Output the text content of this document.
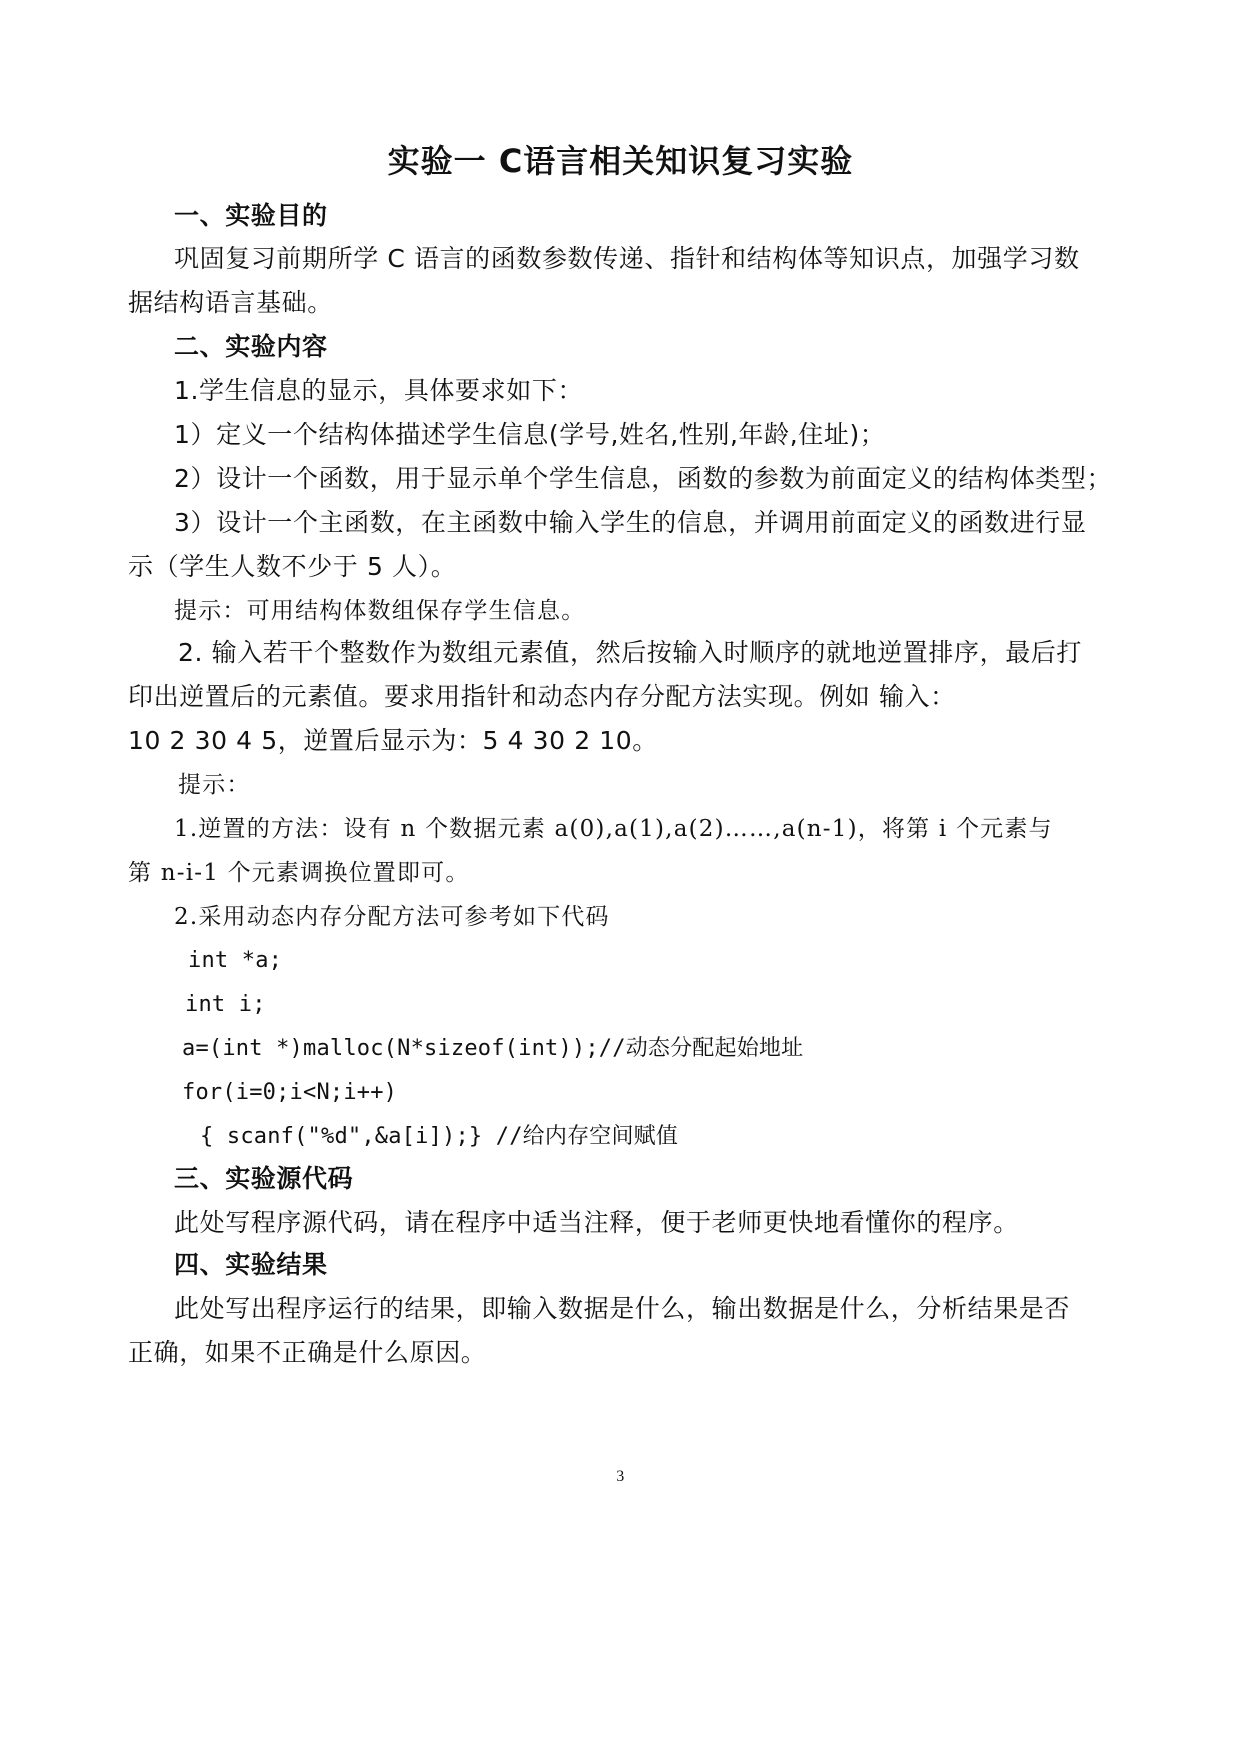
实验一 C语言相关知识复习实验
一、实验目的
巩固复习前期所学 C 语言的函数参数传递、指针和结构体等知识点，加强学习数
据结构语言基础。
二、实验内容
1.学生信息的显示，具体要求如下：
1）定义一个结构体描述学生信息(学号,姓名,性别,年龄,住址)；
2）设计一个函数，用于显示单个学生信息，函数的参数为前面定义的结构体类型；
3）设计一个主函数，在主函数中输入学生的信息，并调用前面定义的函数进行显
示（学生人数不少于 5 人）。
提示：可用结构体数组保存学生信息。
2. 输入若干个整数作为数组元素值，然后按输入时顺序的就地逆置排序，最后打
印出逆置后的元素值。要求用指针和动态内存分配方法实现。例如 输入：
10 2 30 4 5，逆置后显示为：5 4 30 2 10。
提示：
1.逆置的方法：设有 n 个数据元素 a(0),a(1),a(2)……,a(n-1)，将第 i 个元素与
第 n-i-1 个元素调换位置即可。
2.采用动态内存分配方法可参考如下代码
int *a;
int i;
a=(int *)malloc(N*sizeof(int));//动态分配起始地址
for(i=0;i<N;i++)
{ scanf("%d",&a[i]);} //给内存空间赋值
三、实验源代码
此处写程序源代码，请在程序中适当注释，便于老师更快地看懂你的程序。
四、实验结果
此处写出程序运行的结果，即输入数据是什么，输出数据是什么，分析结果是否
正确，如果不正确是什么原因。
3
